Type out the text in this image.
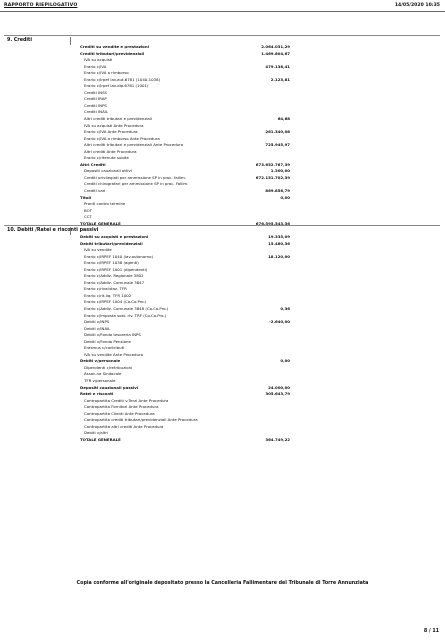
RAPPORTO RIEPILOGATIVO	14/05/2020 10:35
9. Crediti
Crediti su vendite e prestazioni	2.064.031,29
Crediti tributari/previdenziali	1.469.804,67
IVA su acquisti
Erario c/IVA	479.138,41
Erario c/IVA a rimborso
Erario c/Irpef lav.aut.6781 (1040-1038)	2.123,81
Erario c/Irpef lav.dip.6781 (1001)
Crediti INSS
Crediti IRAP
Crediti INPS
Crediti INAIL
Altri crediti tributari e previdenziali	64,68
IVA su acquisti Ante Procedura
Erario c/IVA Ante Procedura	261.340,08
Erario c/IVA a rimborso Ante Procedura
Altri crediti tributari e previdenziali Ante Procedura	725.945,97
Altri crediti Ante Procedura
Erario c/ritenute subite
Altri Crediti	673.652.767,39
Depositi cauzionali attivi	1.300,00
Crediti privilegiati per ammissione SP in proc. fallim.	672.151.702,39
Crediti chirografari per ammissione SP in proc. Fallim.
Crediti vari	869.856,79
Titoli	0,00
Pronti contro termine
BOT
CCT
TOTALE GENERALE	676.595.543,36
10. Debiti /Ratei e risconti passivi
Debiti su acquisti e prestazioni	19.335,09
Debiti tributari/previdenziali	15.480,36
IVA su vendite
Erario c/IRPEF 1040 (lav.autonomo)	18.120,00
Erario c/IRPEF 1038 (agenti)
Erario c/IRPEF 1001 (dipendenti)
Erario c/Addiz. Regionale 3802
Erario c/Addiz. Comunale 3847
Erario c/rivalutaz. TFR
Erario c/rit.liq. TFR 1002
Erario c/IRPEF 1004 (Co.Co.Pro.)
Erario c/Addiz. Comunale 3848 (Co.Co.Pro.)	0,36
Erario c/imposta sost. riv. TRF (Co.Co.Pro.)
Debiti v/INPS	-2.640,00
Debiti v/INAIL
Debiti v/Fondo tesoreria INPS
Debiti v/Fondo Pensione
Erasmus c/contributi
IVA su vendite Ante Procedura
Debiti v/personale	0,00
Dipendenti c/retribuzioni
Assoc.ne Sindacale
TFR v/personale
Depositi cauzionali passivi	24.000,00
Ratei e risconti	305.643,79
Contropartita Crediti v.Terzi Ante Procedura
Contropartita Fornitori Ante Procedura
Contropartita Clienti Ante Procedura
Contropartita crediti tributari/previdenziali Ante Procedura
Contropartita altri crediti Ante Procedura
Debiti v/altri
TOTALE GENERALE	364.749,22
Copia conforme all'originale depositato presso la Cancelleria Fallimentare del Tribunale di Torre Annunziata
8 / 11
